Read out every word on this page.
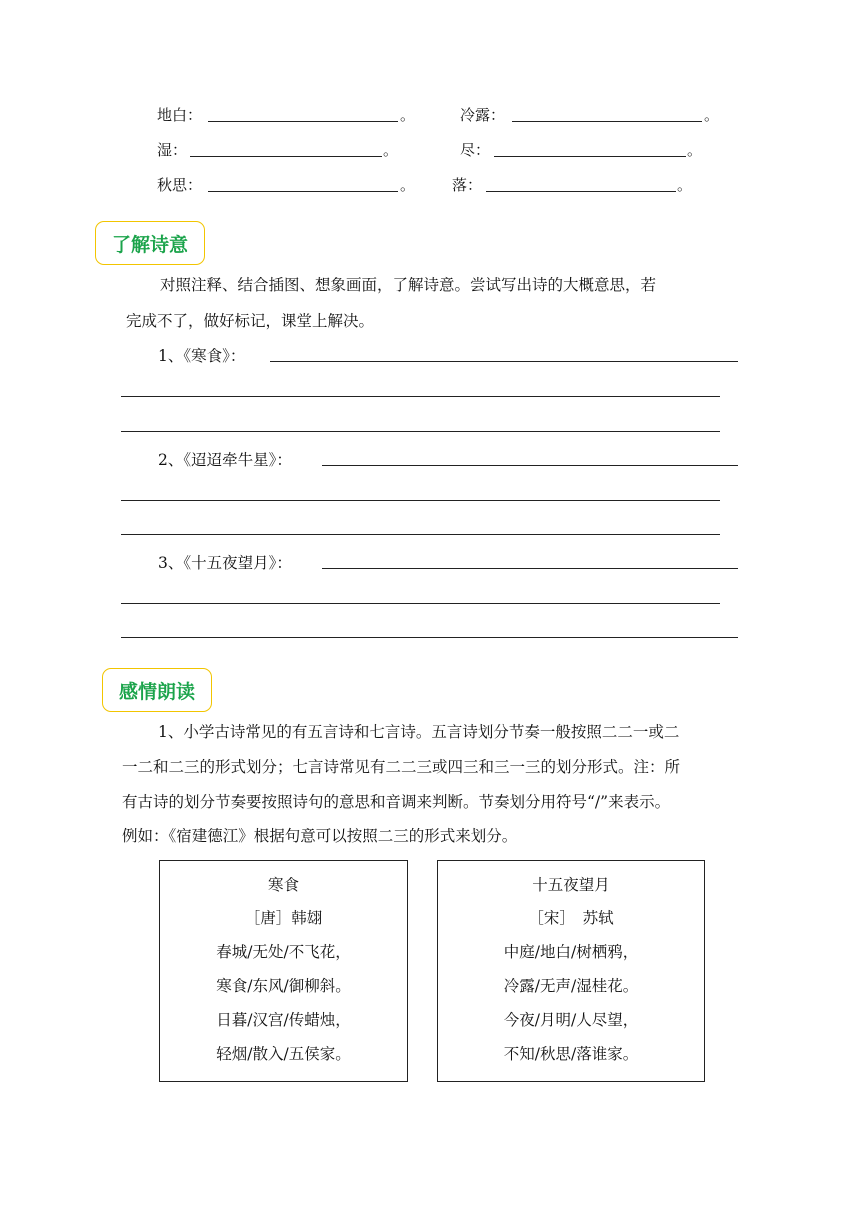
地白：	。	冷露：	。
湿：	。	尽：	。
秋思：	。 落：	。
了解诗意
对照注释、结合插图、想象画面，了解诗意。尝试写出诗的大概意思，若
完成不了，做好标记，课堂上解决。
1、《寒食》：
2、《迢迢牵牛星》：
3、《十五夜望月》：
感情朗读
1、小学古诗常见的有五言诗和七言诗。五言诗划分节奏一般按照二二一或二
一二和二三的形式划分；七言诗常见有二二三或四三和三一三的划分形式。注：所
有古诗的划分节奏要按照诗句的意思和音调来判断。节奏划分用符号“/”来表示。
例如：《宿建德江》根据句意可以按照二三的形式来划分。
寒食
［唐］韩翃
春城/无处/不飞花，
寒食/东风/御柳斜。
日暮/汉宫/传蜡烛，
轻烟/散入/五侯家。
十五夜望月
［宋］　苏轼
中庭/地白/树栖鸦，
冷露/无声/湿桂花。
今夜/月明/人尽望，
不知/秋思/落谁家。
